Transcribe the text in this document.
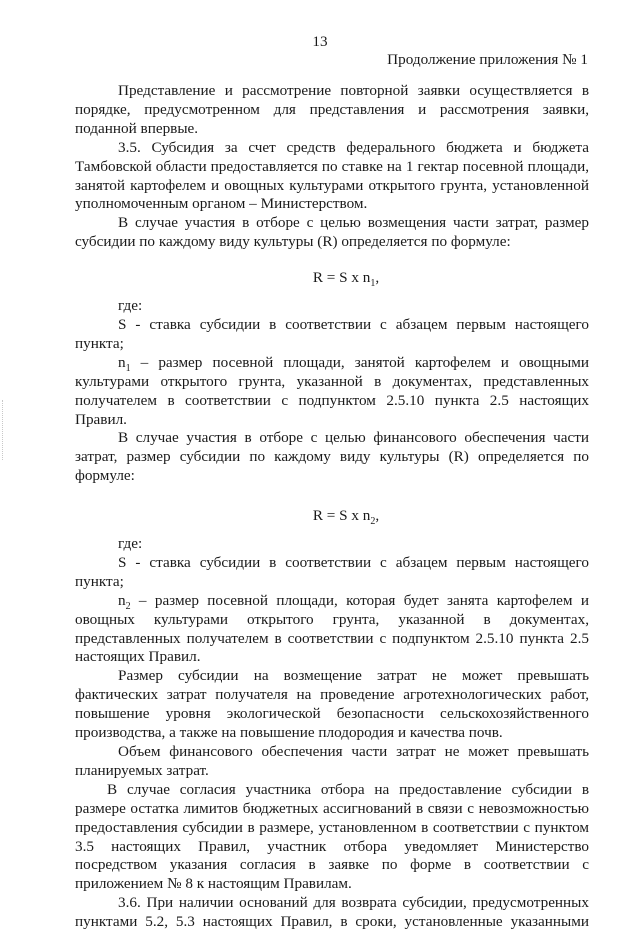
13
Продолжение приложения № 1

Представление и рассмотрение повторной заявки осуществляется в порядке, предусмотренном для представления и рассмотрения заявки, поданной впервые.

3.5. Субсидия за счет средств федерального бюджета и бюджета Тамбовской области предоставляется по ставке на 1 гектар посевной площади, занятой картофелем и овощных культурами открытого грунта, установленной уполномоченным органом – Министерством.

В случае участия в отборе с целью возмещения части затрат, размер субсидии по каждому виду культуры (R) определяется по формуле:

R = S x $n_1$,

где:

S - ставка субсидии в соответствии с абзацем первым настоящего пункта;

$n_1$ – размер посевной площади, занятой картофелем и овощными культурами открытого грунта, указанной в документах, представленных получателем в соответствии с подпунктом 2.5.10 пункта 2.5 настоящих Правил.

В случае участия в отборе с целью финансового обеспечения части затрат, размер субсидии по каждому виду культуры (R) определяется по формуле:

R = S x $n_2$,

где:

S - ставка субсидии в соответствии с абзацем первым настоящего пункта;

$n_2$ – размер посевной площади, которая будет занята картофелем и овощных культурами открытого грунта, указанной в документах, представленных получателем в соответствии с подпунктом 2.5.10 пункта 2.5 настоящих Правил.

Размер субсидии на возмещение затрат не может превышать фактических затрат получателя на проведение агротехнологических работ, повышение уровня экологической безопасности сельскохозяйственного производства, а также на повышение плодородия и качества почв.

Объем финансового обеспечения части затрат не может превышать планируемых затрат.

В случае согласия участника отбора на предоставление субсидии в размере остатка лимитов бюджетных ассигнований в связи с невозможностью предоставления субсидии в размере, установленном в соответствии с пунктом 3.5 настоящих Правил, участник отбора уведомляет Министерство посредством указания согласия в заявке по форме в соответствии с приложением № 8 к настоящим Правилам.

3.6. При наличии оснований для возврата субсидии, предусмотренных пунктами 5.2, 5.3 настоящих Правил, в сроки, установленные указанными
